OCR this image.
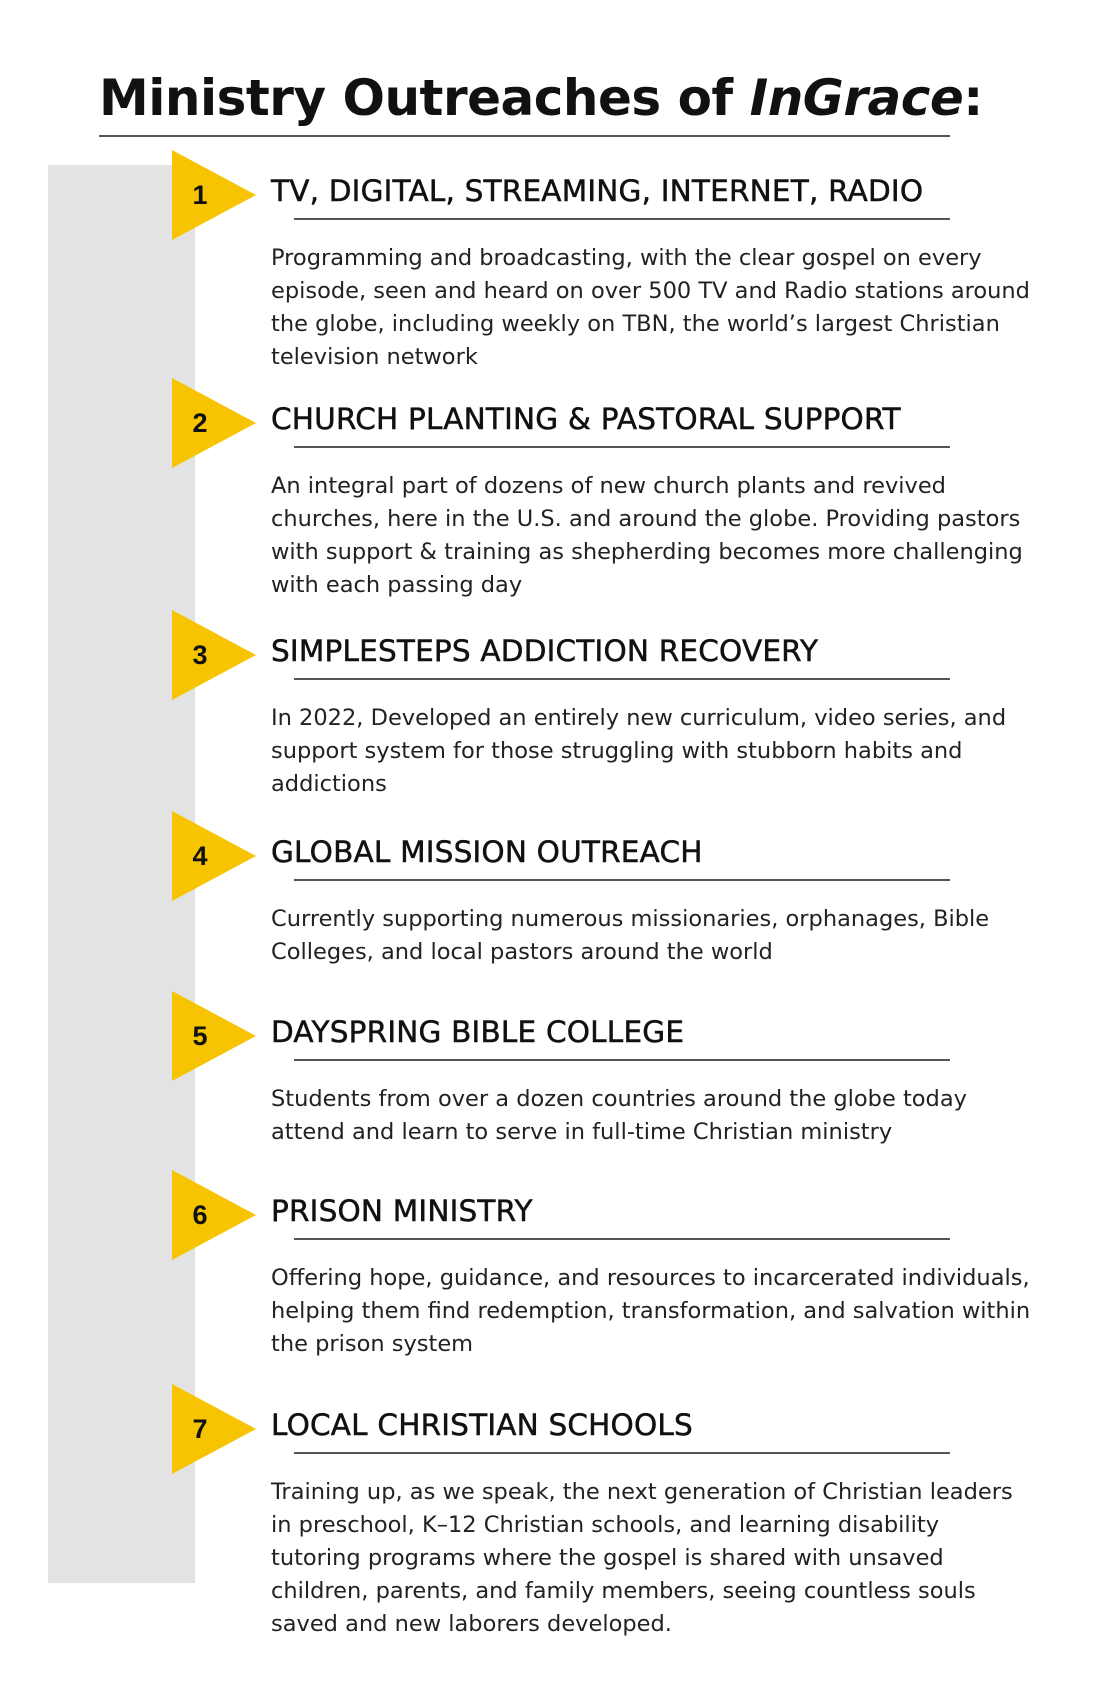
Ministry Outreaches of InGrace:
1	TV, DIGITAL, STREAMING, INTERNET, RADIO

Programming and broadcasting, with the clear gospel on every episode, seen and heard on over 500 TV and Radio stations around the globe, including weekly on TBN, the world’s largest Christian television network

2	CHURCH PLANTING & PASTORAL SUPPORT

An integral part of dozens of new church plants and revived churches, here in the U.S. and around the globe. Providing pastors with support & training as shepherding becomes more challenging with each passing day

3	SIMPLESTEPS ADDICTION RECOVERY

In 2022, Developed an entirely new curriculum, video series, and support system for those struggling with stubborn habits and addictions

4	GLOBAL MISSION OUTREACH

Currently supporting numerous missionaries, orphanages, Bible Colleges, and local pastors around the world

5	DAYSPRING BIBLE COLLEGE

Students from over a dozen countries around the globe today attend and learn to serve in full-time Christian ministry

6	PRISON MINISTRY

Offering hope, guidance, and resources to incarcerated individuals, helping them find redemption, transformation, and salvation within the prison system

7	LOCAL CHRISTIAN SCHOOLS

Training up, as we speak, the next generation of Christian leaders in preschool, K–12 Christian schools, and learning disability tutoring programs where the gospel is shared with unsaved children, parents, and family members, seeing countless souls saved and new laborers developed.
